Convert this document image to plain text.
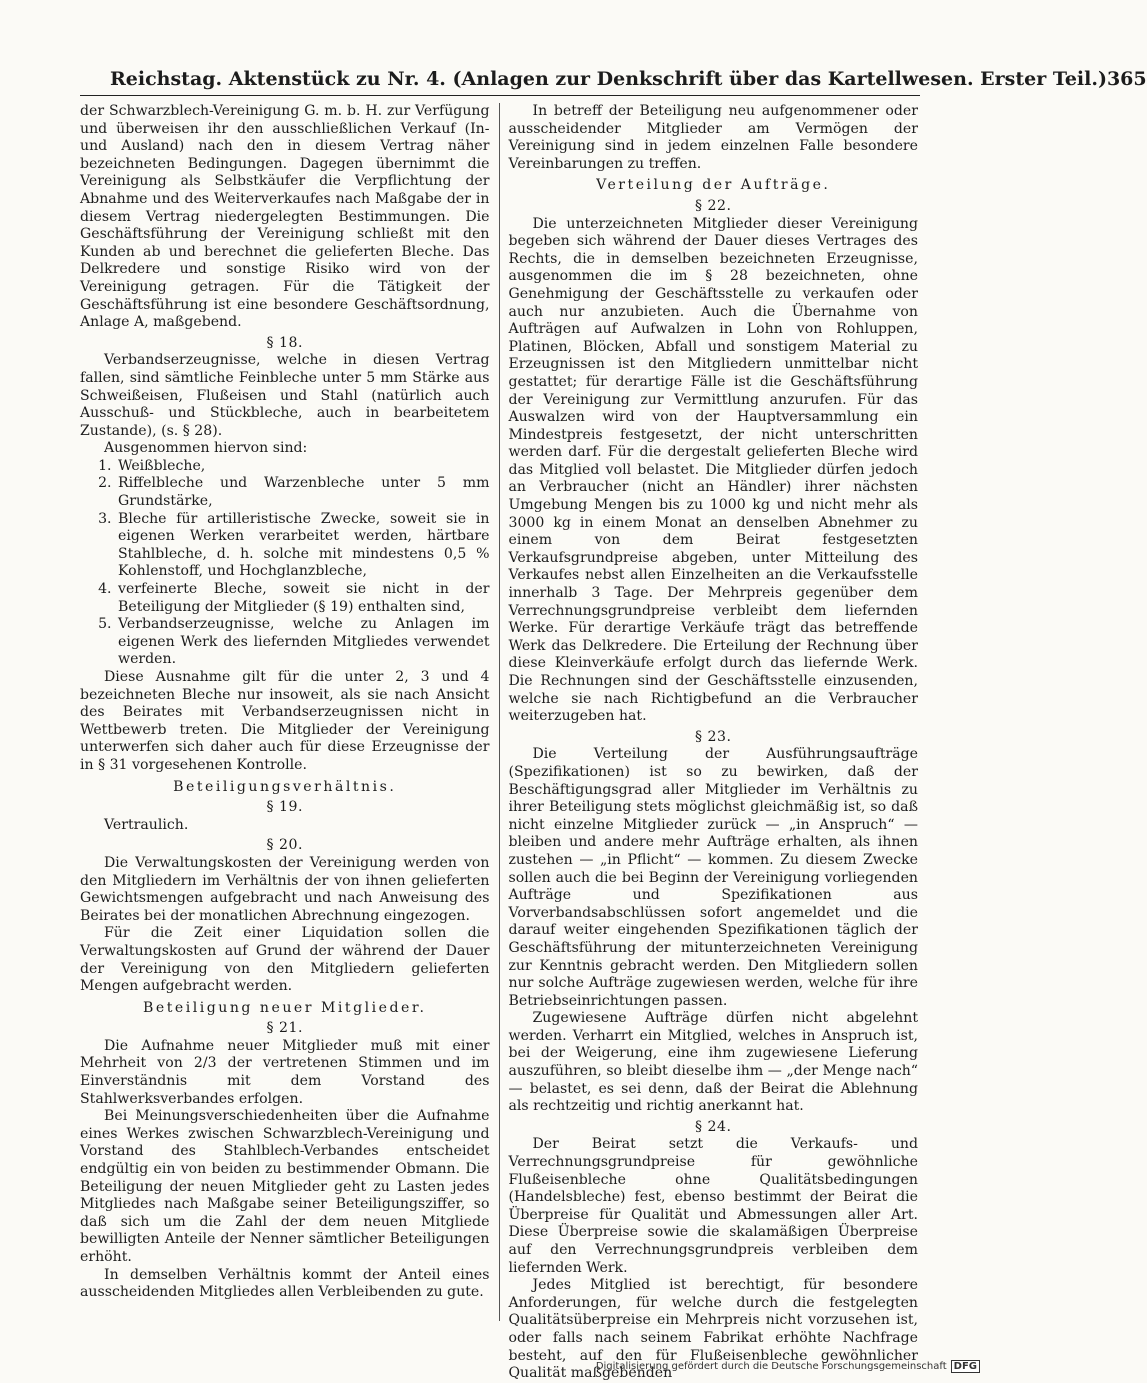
Reichstag. Aktenstück zu Nr. 4. (Anlagen zur Denkschrift über das Kartellwesen. Erster Teil.) 365

der Schwarzblech-Vereinigung G. m. b. H. zur Verfügung und überweisen ihr den ausschließlichen Verkauf (In- und Ausland) nach den in diesem Vertrag näher bezeichneten Bedingungen. Dagegen übernimmt die Vereinigung als Selbstkäufer die Verpflichtung der Abnahme und des Weiterverkaufes nach Maßgabe der in diesem Vertrag niedergelegten Bestimmungen. Die Geschäftsführung der Vereinigung schließt mit den Kunden ab und berechnet die gelieferten Bleche. Das Delkredere und sonstige Risiko wird von der Vereinigung getragen. Für die Tätigkeit der Geschäftsführung ist eine besondere Geschäftsordnung, Anlage A, maßgebend.

§ 18.

Verbandserzeugnisse, welche in diesen Vertrag fallen, sind sämtliche Feinbleche unter 5 mm Stärke aus Schweißeisen, Flußeisen und Stahl (natürlich auch Ausschuß- und Stückbleche, auch in bearbeitetem Zustande), (s. § 28).

Ausgenommen hiervon sind:

1. Weißbleche,
2. Riffelbleche und Warzenbleche unter 5 mm Grundstärke,
3. Bleche für artilleristische Zwecke, soweit sie in eigenen Werken verarbeitet werden, härtbare Stahlbleche, d. h. solche mit mindestens 0,5 % Kohlenstoff, und Hochglanzbleche,
4. verfeinerte Bleche, soweit sie nicht in der Beteiligung der Mitglieder (§ 19) enthalten sind,
5. Verbandserzeugnisse, welche zu Anlagen im eigenen Werk des liefernden Mitgliedes verwendet werden.

Diese Ausnahme gilt für die unter 2, 3 und 4 bezeichneten Bleche nur insoweit, als sie nach Ansicht des Beirates mit Verbandserzeugnissen nicht in Wettbewerb treten. Die Mitglieder der Vereinigung unterwerfen sich daher auch für diese Erzeugnisse der in § 31 vorgesehenen Kontrolle.

Beteiligungsverhältnis.
§ 19.

Vertraulich.

§ 20.

Die Verwaltungskosten der Vereinigung werden von den Mitgliedern im Verhältnis der von ihnen gelieferten Gewichtsmengen aufgebracht und nach Anweisung des Beirates bei der monatlichen Abrechnung eingezogen.

Für die Zeit einer Liquidation sollen die Verwaltungskosten auf Grund der während der Dauer der Vereinigung von den Mitgliedern gelieferten Mengen aufgebracht werden.

Beteiligung neuer Mitglieder.
§ 21.

Die Aufnahme neuer Mitglieder muß mit einer Mehrheit von 2/3 der vertretenen Stimmen und im Einverständnis mit dem Vorstand des Stahlwerksverbandes erfolgen.

Bei Meinungsverschiedenheiten über die Aufnahme eines Werkes zwischen Schwarzblech-Vereinigung und Vorstand des Stahlblech-Verbandes entscheidet endgültig ein von beiden zu bestimmender Obmann. Die Beteiligung der neuen Mitglieder geht zu Lasten jedes Mitgliedes nach Maßgabe seiner Beteiligungsziffer, so daß sich um die Zahl der dem neuen Mitgliede bewilligten Anteile der Nenner sämtlicher Beteiligungen erhöht.

In demselben Verhältnis kommt der Anteil eines ausscheidenden Mitgliedes allen Verbleibenden zu gute.

In betreff der Beteiligung neu aufgenommener oder ausscheidender Mitglieder am Vermögen der Vereinigung sind in jedem einzelnen Falle besondere Vereinbarungen zu treffen.

Verteilung der Aufträge.
§ 22.

Die unterzeichneten Mitglieder dieser Vereinigung begeben sich während der Dauer dieses Vertrages des Rechts, die in demselben bezeichneten Erzeugnisse, ausgenommen die im § 28 bezeichneten, ohne Genehmigung der Geschäftsstelle zu verkaufen oder auch nur anzubieten. Auch die Übernahme von Aufträgen auf Aufwalzen in Lohn von Rohluppen, Platinen, Blöcken, Abfall und sonstigem Material zu Erzeugnissen ist den Mitgliedern unmittelbar nicht gestattet; für derartige Fälle ist die Geschäftsführung der Vereinigung zur Vermittlung anzurufen. Für das Auswalzen wird von der Hauptversammlung ein Mindestpreis festgesetzt, der nicht unterschritten werden darf. Für die dergestalt gelieferten Bleche wird das Mitglied voll belastet. Die Mitglieder dürfen jedoch an Verbraucher (nicht an Händler) ihrer nächsten Umgebung Mengen bis zu 1000 kg und nicht mehr als 3000 kg in einem Monat an denselben Abnehmer zu einem von dem Beirat festgesetzten Verkaufsgrundpreise abgeben, unter Mitteilung des Verkaufes nebst allen Einzelheiten an die Verkaufsstelle innerhalb 3 Tage. Der Mehrpreis gegenüber dem Verrechnungsgrundpreise verbleibt dem liefernden Werke. Für derartige Verkäufe trägt das betreffende Werk das Delkredere. Die Erteilung der Rechnung über diese Kleinverkäufe erfolgt durch das liefernde Werk. Die Rechnungen sind der Geschäftsstelle einzusenden, welche sie nach Richtigbefund an die Verbraucher weiterzugeben hat.

§ 23.

Die Verteilung der Ausführungsaufträge (Spezifikationen) ist so zu bewirken, daß der Beschäftigungsgrad aller Mitglieder im Verhältnis zu ihrer Beteiligung stets möglichst gleichmäßig ist, so daß nicht einzelne Mitglieder zurück — „in Anspruch“ — bleiben und andere mehr Aufträge erhalten, als ihnen zustehen — „in Pflicht“ — kommen. Zu diesem Zwecke sollen auch die bei Beginn der Vereinigung vorliegenden Aufträge und Spezifikationen aus Vorverbandsabschlüssen sofort angemeldet und die darauf weiter eingehenden Spezifikationen täglich der Geschäftsführung der mitunterzeichneten Vereinigung zur Kenntnis gebracht werden. Den Mitgliedern sollen nur solche Aufträge zugewiesen werden, welche für ihre Betriebseinrichtungen passen.

Zugewiesene Aufträge dürfen nicht abgelehnt werden. Verharrt ein Mitglied, welches in Anspruch ist, bei der Weigerung, eine ihm zugewiesene Lieferung auszuführen, so bleibt dieselbe ihm — „der Menge nach“ — belastet, es sei denn, daß der Beirat die Ablehnung als rechtzeitig und richtig anerkannt hat.

§ 24.

Der Beirat setzt die Verkaufs- und Verrechnungsgrundpreise für gewöhnliche Flußeisenbleche ohne Qualitätsbedingungen (Handelsbleche) fest, ebenso bestimmt der Beirat die Überpreise für Qualität und Abmessungen aller Art. Diese Überpreise sowie die skalamäßigen Überpreise auf den Verrechnungsgrundpreis verbleiben dem liefernden Werk.

Jedes Mitglied ist berechtigt, für besondere Anforderungen, für welche durch die festgelegten Qualitätsüberpreise ein Mehrpreis nicht vorzusehen ist, oder falls nach seinem Fabrikat erhöhte Nachfrage besteht, auf den für Flußeisenbleche gewöhnlicher Qualität maßgebenden

Digitalisierung gefördert durch die Deutsche Forschungsgemeinschaft DFG
